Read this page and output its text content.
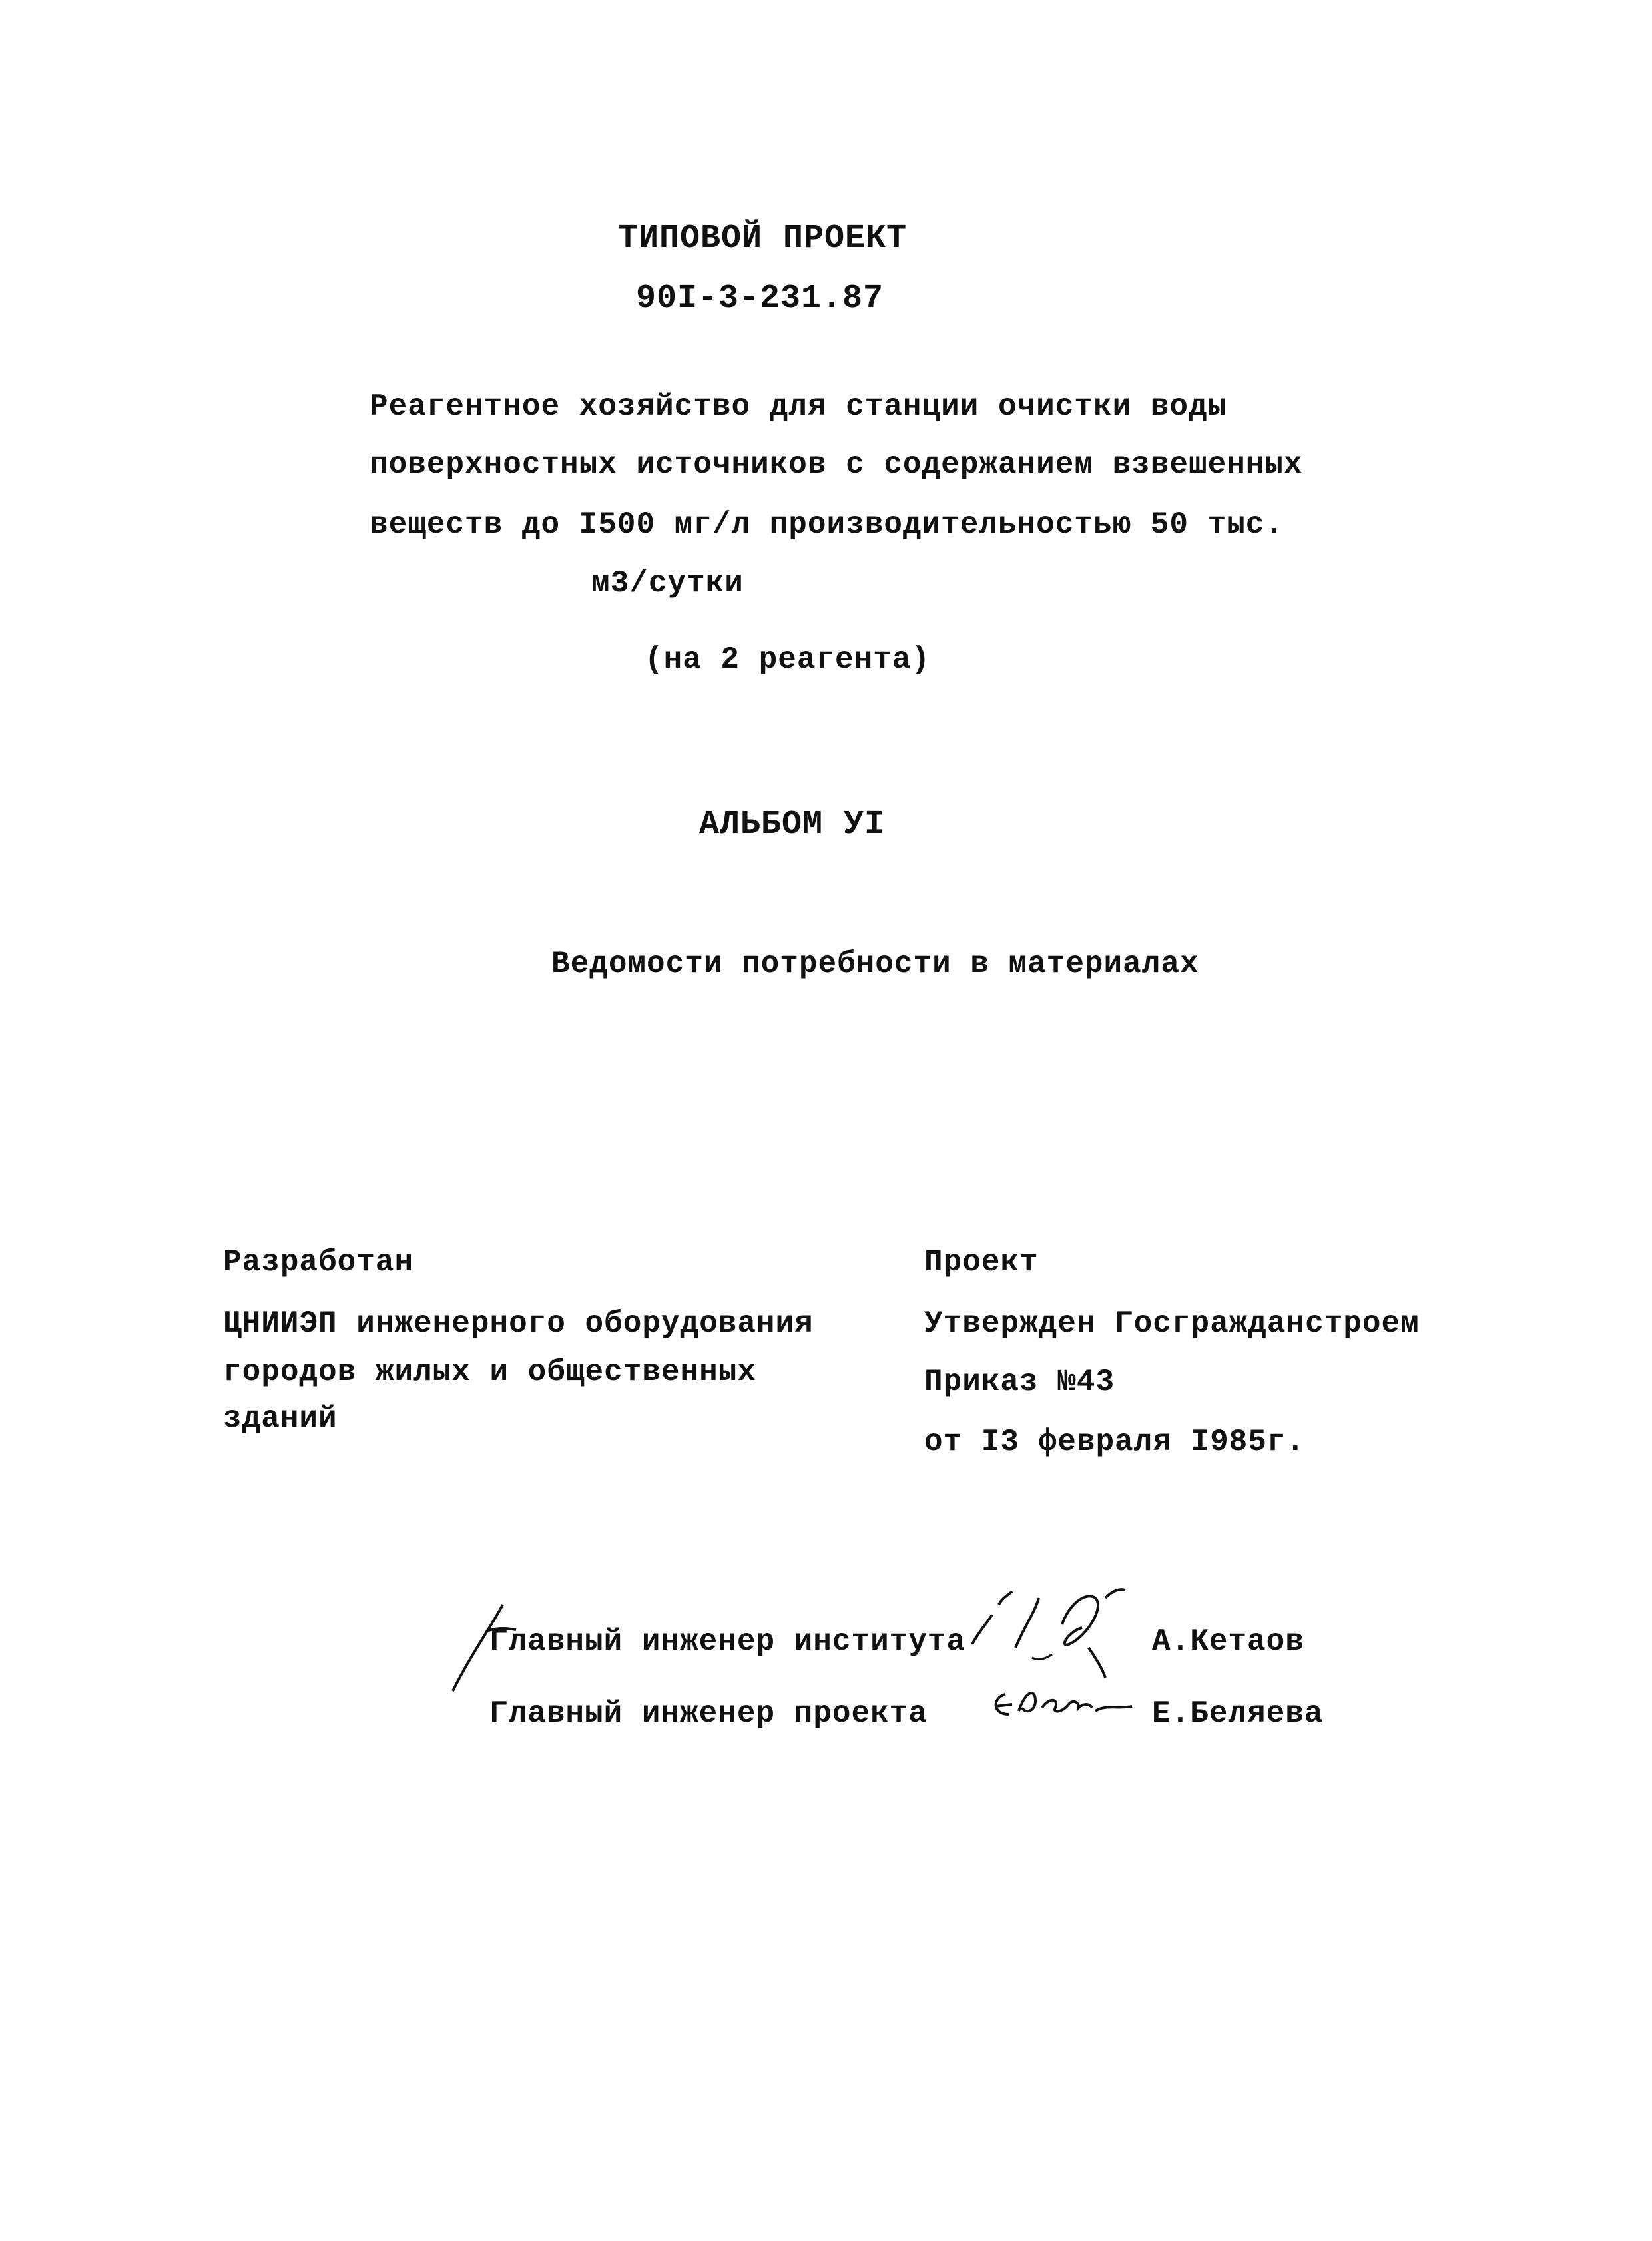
ТИПОВОЙ ПРОЕКТ
90I-3-231.87
Реагентное хозяйство для станции очистки воды
поверхностных источников с содержанием взвешенных
веществ до I500 мг/л производительностью 50 тыс.
м3/сутки
(на 2 реагента)
АЛЬБОМ УI
Ведомости потребности в материалах
Разработан
ЦНИИЭП инженерного оборудования
городов жилых и общественных
зданий
Проект
Утвержден Госгражданстроем
Приказ №43
от I3 февраля I985г.
Главный инженер института	А.Кетаов
Главный инженер проекта	Е.Беляева
